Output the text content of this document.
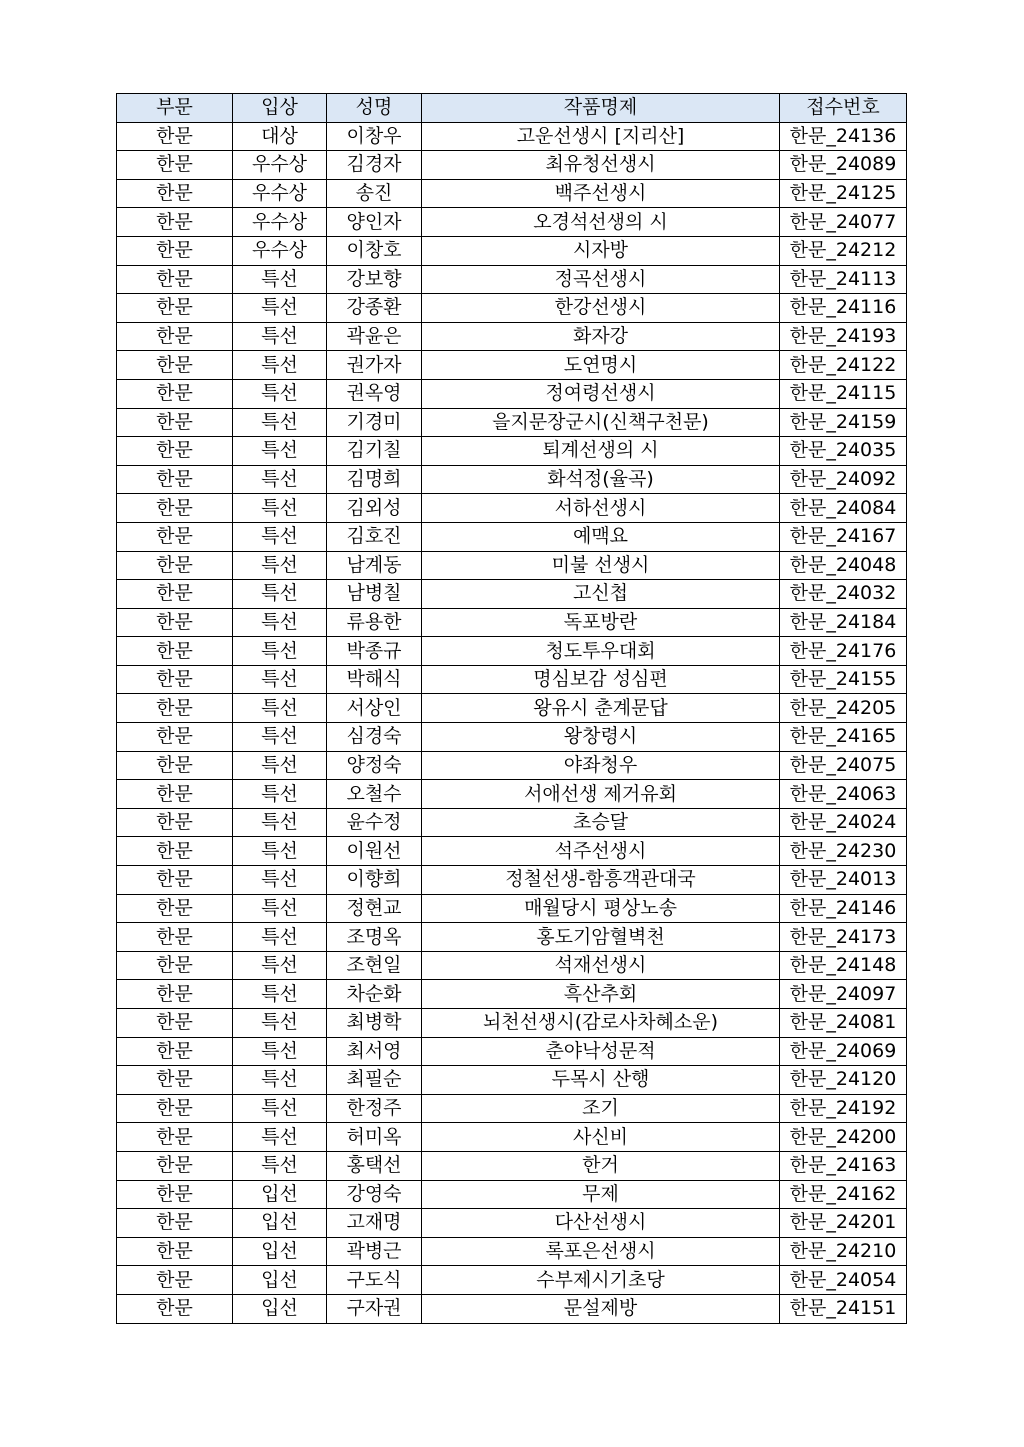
부문	입상	성명	작품명제	접수번호
한문	대상	이창우	고운선생시 [지리산]	한문_24136
한문	우수상	김경자	최유청선생시	한문_24089
한문	우수상	송진	백주선생시	한문_24125
한문	우수상	양인자	오경석선생의 시	한문_24077
한문	우수상	이창호	시자방	한문_24212
한문	특선	강보향	정곡선생시	한문_24113
한문	특선	강종환	한강선생시	한문_24116
한문	특선	곽윤은	화자강	한문_24193
한문	특선	권가자	도연명시	한문_24122
한문	특선	권옥영	정여령선생시	한문_24115
한문	특선	기경미	을지문장군시(신책구천문)	한문_24159
한문	특선	김기칠	퇴계선생의 시	한문_24035
한문	특선	김명희	화석정(율곡)	한문_24092
한문	특선	김외성	서하선생시	한문_24084
한문	특선	김호진	예맥요	한문_24167
한문	특선	남계동	미불 선생시	한문_24048
한문	특선	남병칠	고신첩	한문_24032
한문	특선	류용한	독포방란	한문_24184
한문	특선	박종규	청도투우대회	한문_24176
한문	특선	박해식	명심보감 성심편	한문_24155
한문	특선	서상인	왕유시 춘계문답	한문_24205
한문	특선	심경숙	왕창령시	한문_24165
한문	특선	양정숙	야좌청우	한문_24075
한문	특선	오철수	서애선생 제거유회	한문_24063
한문	특선	윤수정	초승달	한문_24024
한문	특선	이원선	석주선생시	한문_24230
한문	특선	이향희	정철선생-함흥객관대국	한문_24013
한문	특선	정현교	매월당시 평상노송	한문_24146
한문	특선	조명옥	홍도기암혈벽천	한문_24173
한문	특선	조현일	석재선생시	한문_24148
한문	특선	차순화	흑산추회	한문_24097
한문	특선	최병학	뇌천선생시(감로사차혜소운)	한문_24081
한문	특선	최서영	춘야낙성문적	한문_24069
한문	특선	최필순	두목시 산행	한문_24120
한문	특선	한정주	조기	한문_24192
한문	특선	허미옥	사신비	한문_24200
한문	특선	홍택선	한거	한문_24163
한문	입선	강영숙	무제	한문_24162
한문	입선	고재명	다산선생시	한문_24201
한문	입선	곽병근	록포은선생시	한문_24210
한문	입선	구도식	수부제시기초당	한문_24054
한문	입선	구자권	문설제방	한문_24151
